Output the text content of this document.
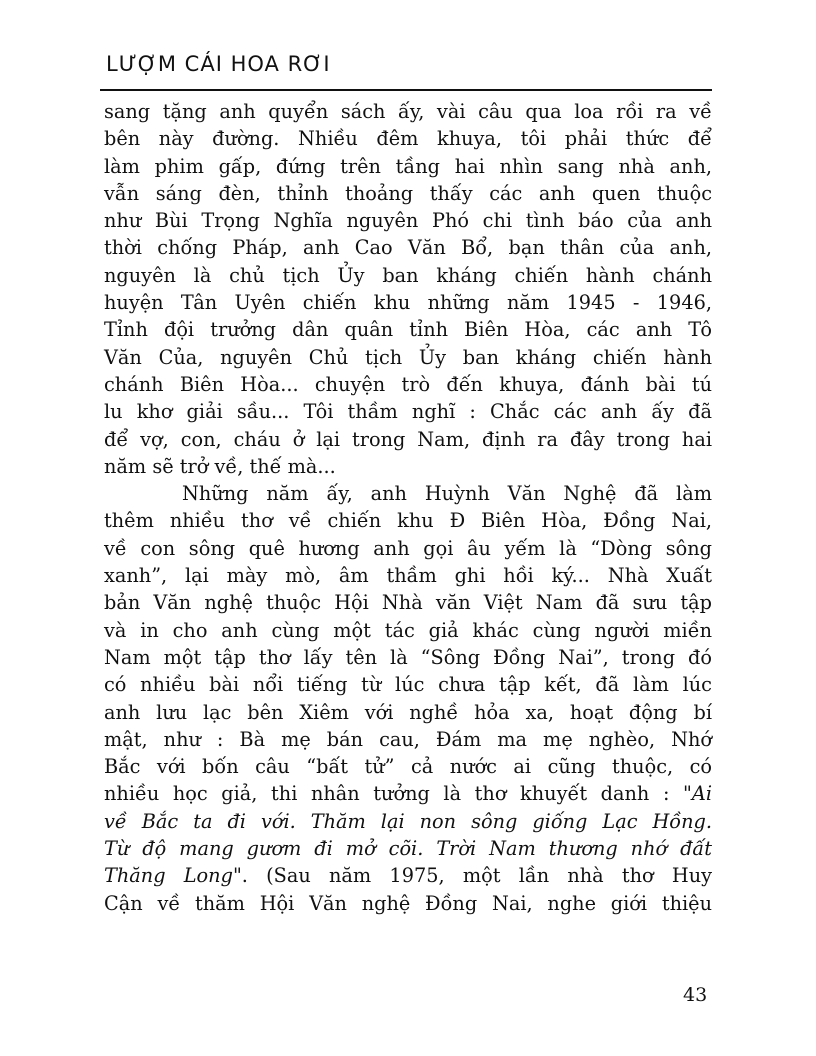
LƯỢM CÁI HOA RƠI
sang tặng anh quyển sách ấy, vài câu qua loa rồi ra về
bên này đường. Nhiều đêm khuya, tôi phải thức để
làm phim gấp, đứng trên tầng hai nhìn sang nhà anh,
vẫn sáng đèn, thỉnh thoảng thấy các anh quen thuộc
như Bùi Trọng Nghĩa nguyên Phó chi tình báo của anh
thời chống Pháp, anh Cao Văn Bổ, bạn thân của anh,
nguyên là chủ tịch Ủy ban kháng chiến hành chánh
huyện Tân Uyên chiến khu những năm 1945 - 1946,
Tỉnh đội trưởng dân quân tỉnh Biên Hòa, các anh Tô
Văn Của, nguyên Chủ tịch Ủy ban kháng chiến hành
chánh Biên Hòa... chuyện trò đến khuya, đánh bài tú
lu khơ giải sầu... Tôi thầm nghĩ : Chắc các anh ấy đã
để vợ, con, cháu ở lại trong Nam, định ra đây trong hai
năm sẽ trở về, thế mà...
Những năm ấy, anh Huỳnh Văn Nghệ đã làm
thêm nhiều thơ về chiến khu Đ Biên Hòa, Đồng Nai,
về con sông quê hương anh gọi âu yếm là “Dòng sông
xanh”, lại mày mò, âm thầm ghi hồi ký... Nhà Xuất
bản Văn nghệ thuộc Hội Nhà văn Việt Nam đã sưu tập
và in cho anh cùng một tác giả khác cùng người miền
Nam một tập thơ lấy tên là “Sông Đồng Nai”, trong đó
có nhiều bài nổi tiếng từ lúc chưa tập kết, đã làm lúc
anh lưu lạc bên Xiêm với nghề hỏa xa, hoạt động bí
mật, như : Bà mẹ bán cau, Đám ma mẹ nghèo, Nhớ
Bắc với bốn câu “bất tử” cả nước ai cũng thuộc, có
nhiều học giả, thi nhân tưởng là thơ khuyết danh : "Ai
về Bắc ta đi với. Thăm lại non sông giống Lạc Hồng.
Từ độ mang gươm đi mở cõi. Trời Nam thương nhớ đất
Thăng Long". (Sau năm 1975, một lần nhà thơ Huy
Cận về thăm Hội Văn nghệ Đồng Nai, nghe giới thiệu
43
